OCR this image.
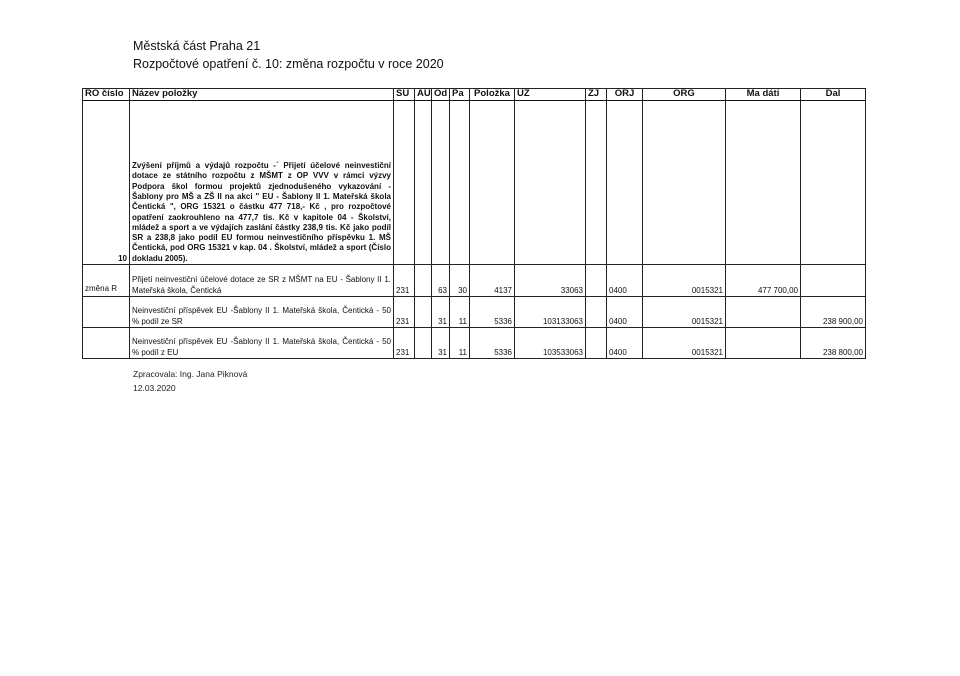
Městská část Praha 21
Rozpočtové opatření č. 10: změna rozpočtu v roce 2020
RO číslo	Název položky	SU	AU	Od	Pa	Položka	UZ	ZJ	ORJ	ORG	Ma dáti	Dal
10	Zvýšení příjmů a výdajů rozpočtu -´ Přijetí účelové neinvestiční dotace ze státního rozpočtu z MŠMT z OP VVV v rámci výzvy Podpora škol formou projektů zjednodušeného vykazování - Šablony pro MŠ a ZŠ II na akci " EU - Šablony II 1. Mateřská škola Čentická ", ORG 15321 o částku 477 718,- Kč , pro rozpočtové opatření zaokrouhleno na 477,7 tis. Kč v kapitole 04 - Školství, mládež a sport a ve výdajích zaslání částky 238,9 tis. Kč jako podíl SR a 238,8 jako podíl EU formou neinvestičního příspěvku 1. MŠ Čentická, pod ORG 15321 v kap. 04 . Školství, mládež a sport (Číslo dokladu 2005).											
změna R	Přijetí neinvestiční účelové dotace ze SR z MŠMT na EU - Šablony II 1. Mateřská škola, Čentická	231		63	30	4137	33063		0400	0015321	477 700,00	
	Neinvestiční příspěvek EU -Šablony II 1. Mateřská škola, Čentická - 50 % podíl ze SR	231		31	11	5336	103133063		0400	0015321		238 900,00
	Neinvestiční příspěvek EU -Šablony II 1. Mateřská škola, Čentická - 50 % podíl z EU	231		31	11	5336	103533063		0400	0015321		238 800,00
Zpracovala: Ing. Jana Piknová
12.03.2020
